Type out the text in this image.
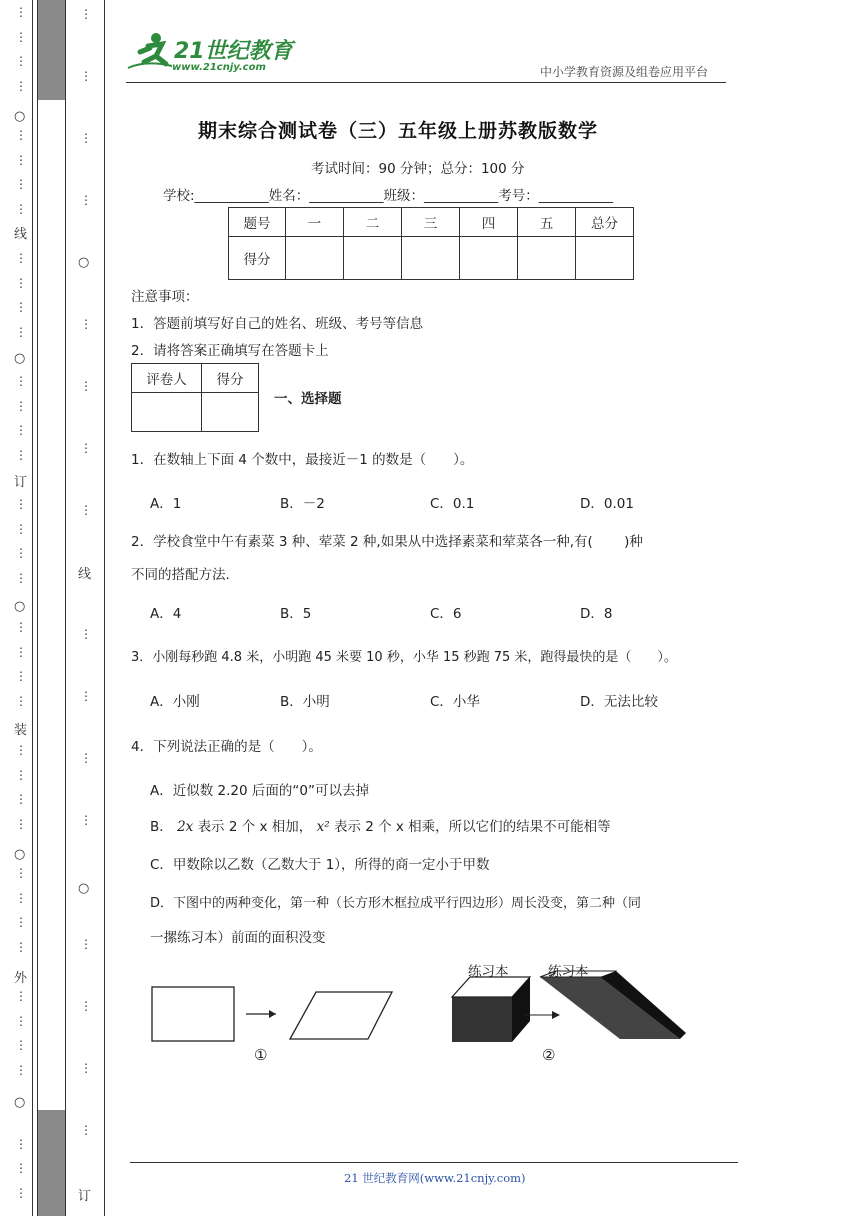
⋮
⋮
⋮
⋮
⋮
⋮
⋮
⋮
⋮
⋮
⋮
⋮
⋮
⋮
⋮
⋮
⋮
⋮
⋮
⋮
⋮
⋮
⋮
⋮
⋮
⋮
⋮
⋮
⋮
⋮
⋮
⋮
⋮
⋮
⋮
⋮
⋮
⋮
⋮
线
订
装
外
○
○
○
○
○
⋮
⋮
⋮
⋮
⋮
⋮
⋮
⋮
⋮
⋮
⋮
⋮
⋮
⋮
⋮
⋮
○
○
线
订
21世纪教育
www.21cnjy.com	中小学教育资源及组卷应用平台
期末综合测试卷（三）五年级上册苏教版数学
考试时间：90 分钟；总分：100 分
学校:___________姓名：___________班级：___________考号：___________
题号	一	二	三	四	五	总分
得分						
注意事项：
1．答题前填写好自己的姓名、班级、考号等信息
2．请将答案正确填写在答题卡上
评卷人	得分

一、选择题
1．在数轴上下面 4 个数中，最接近－1 的数是（　　）。
A．1	B．－2	C．0.1	D．0.01
2．学校食堂中午有素菜 3 种、荤菜 2 种,如果从中选择素菜和荤菜各一种,有(　　 )种
不同的搭配方法.
A．4	B．5	C．6	D．8
3．小刚每秒跑 4.8 米，小明跑 45 米要 10 秒，小华 15 秒跑 75 米，跑得最快的是（　　）。
A．小刚	B．小明	C．小华	D．无法比较
4．下列说法正确的是（　　）。
A．近似数 2.20 后面的“0”可以去掉
B． 2x 表示 2 个 x 相加， x² 表示 2 个 x 相乘，所以它们的结果不可能相等
C．甲数除以乙数（乙数大于 1），所得的商一定小于甲数
D．下图中的两种变化，第一种（长方形木框拉成平行四边形）周长没变，第二种（同
一摞练习本）前面的面积没变
练习本	练习本
①	②
21 世纪教育网(www.21cnjy.com)
